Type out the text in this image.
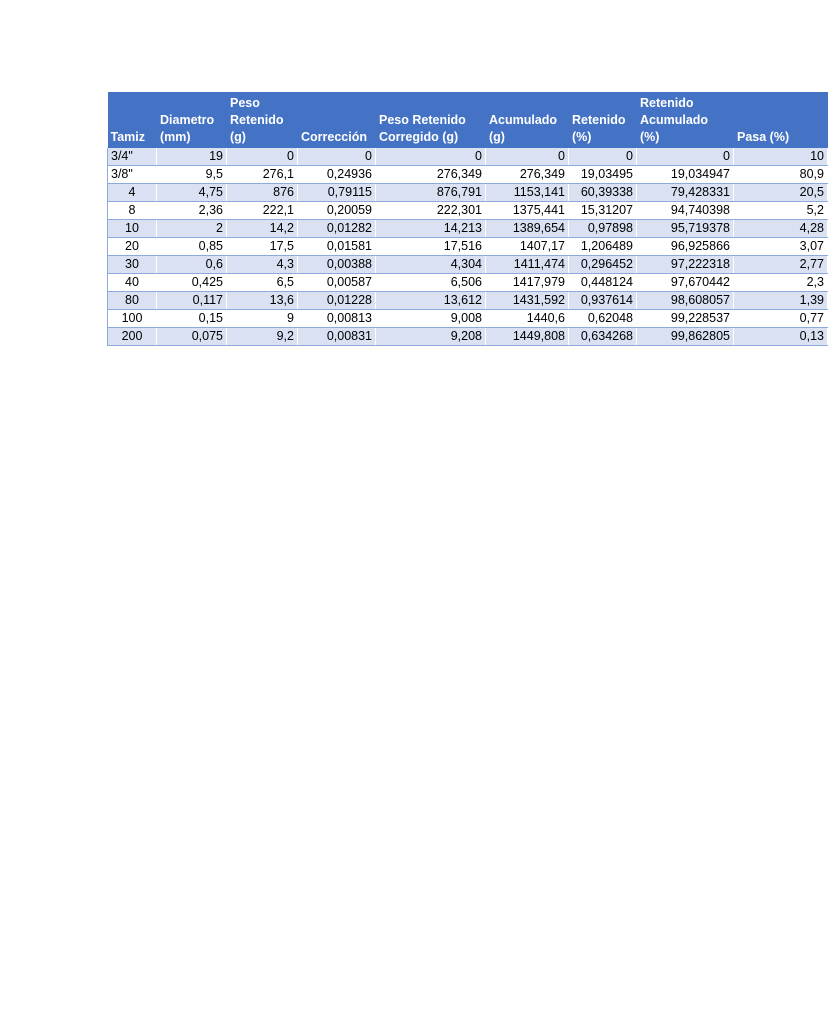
Tamiz	Diametro (mm)	Peso Retenido (g)	Corrección	Peso Retenido Corregido (g)	Acumulado (g)	Retenido (%)	Retenido Acumulado (%)	Pasa (%)
3/4"	19	0	0	0	0	0	0	10
3/8"	9,5	276,1	0,24936	276,349	276,349	19,03495	19,034947	80,9
4	4,75	876	0,79115	876,791	1153,141	60,39338	79,428331	20,5
8	2,36	222,1	0,20059	222,301	1375,441	15,31207	94,740398	5,2
10	2	14,2	0,01282	14,213	1389,654	0,97898	95,719378	4,28
20	0,85	17,5	0,01581	17,516	1407,17	1,206489	96,925866	3,07
30	0,6	4,3	0,00388	4,304	1411,474	0,296452	97,222318	2,77
40	0,425	6,5	0,00587	6,506	1417,979	0,448124	97,670442	2,3
80	0,117	13,6	0,01228	13,612	1431,592	0,937614	98,608057	1,39
100	0,15	9	0,00813	9,008	1440,6	0,62048	99,228537	0,77
200	0,075	9,2	0,00831	9,208	1449,808	0,634268	99,862805	0,13
